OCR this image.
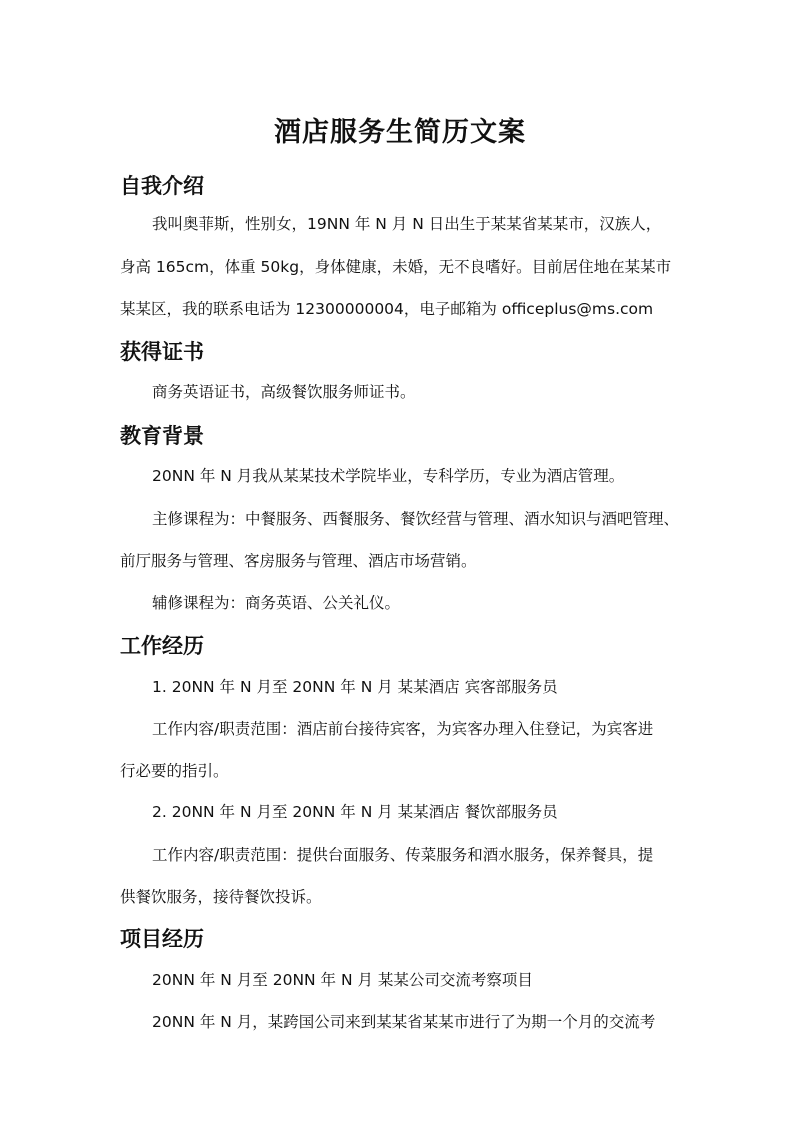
酒店服务生简历文案
自我介绍
我叫奥菲斯，性别女，19NN 年 N 月 N 日出生于某某省某某市，汉族人，
身高 165cm，体重 50kg，身体健康，未婚，无不良嗜好。目前居住地在某某市
某某区，我的联系电话为 12300000004，电子邮箱为 officeplus@ms.com
获得证书
商务英语证书，高级餐饮服务师证书。
教育背景
20NN 年 N 月我从某某技术学院毕业，专科学历，专业为酒店管理。
主修课程为：中餐服务、西餐服务、餐饮经营与管理、酒水知识与酒吧管理、
前厅服务与管理、客房服务与管理、酒店市场营销。
辅修课程为：商务英语、公关礼仪。
工作经历
1. 20NN 年 N 月至 20NN 年 N 月 某某酒店 宾客部服务员
工作内容/职责范围：酒店前台接待宾客，为宾客办理入住登记，为宾客进
行必要的指引。
2. 20NN 年 N 月至 20NN 年 N 月 某某酒店 餐饮部服务员
工作内容/职责范围：提供台面服务、传菜服务和酒水服务，保养餐具，提
供餐饮服务，接待餐饮投诉。
项目经历
20NN 年 N 月至 20NN 年 N 月 某某公司交流考察项目
20NN 年 N 月，某跨国公司来到某某省某某市进行了为期一个月的交流考
